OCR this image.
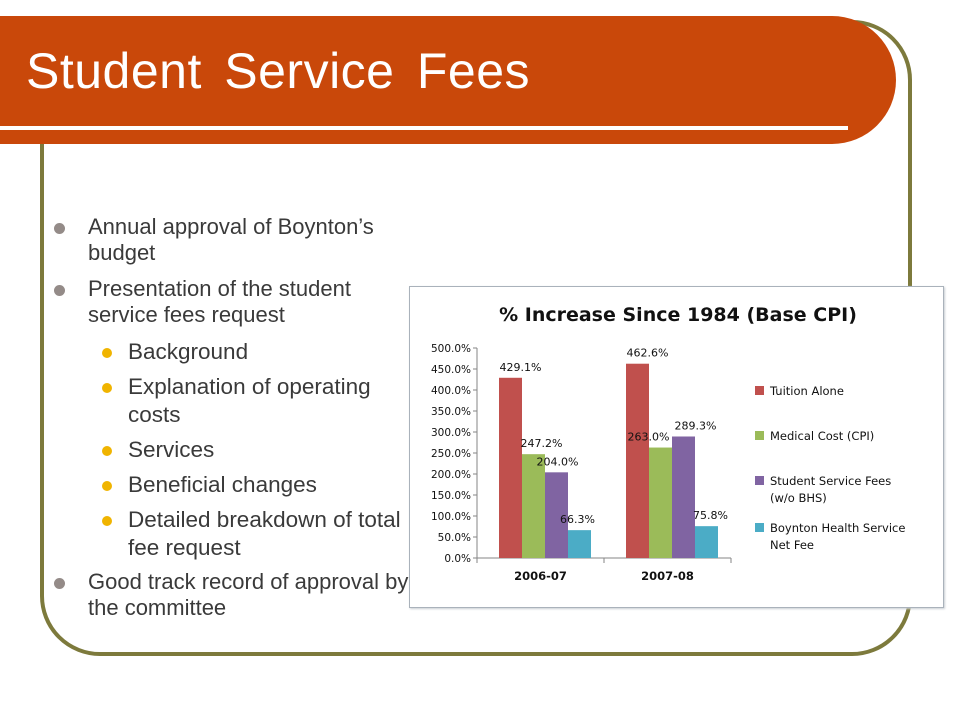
Student Service Fees
Annual approval of Boynton’s budget
Presentation of the student service fees request
Background
Explanation of operating costs
Services
Beneficial changes
Detailed breakdown of total fee request
Good track record of approval by the committee
% Increase Since 1984 (Base CPI)
0.0%
50.0%
100.0%
150.0%
200.0%
250.0%
300.0%
350.0%
400.0%
450.0%
500.0%
2006-07
429.1%
247.2%
204.0%
66.3%
2007-08
462.6%
263.0%
289.3%
75.8%
Tuition Alone
Medical Cost (CPI)
Student Service Fees
(w/o BHS)
Boynton Health Service
Net Fee
